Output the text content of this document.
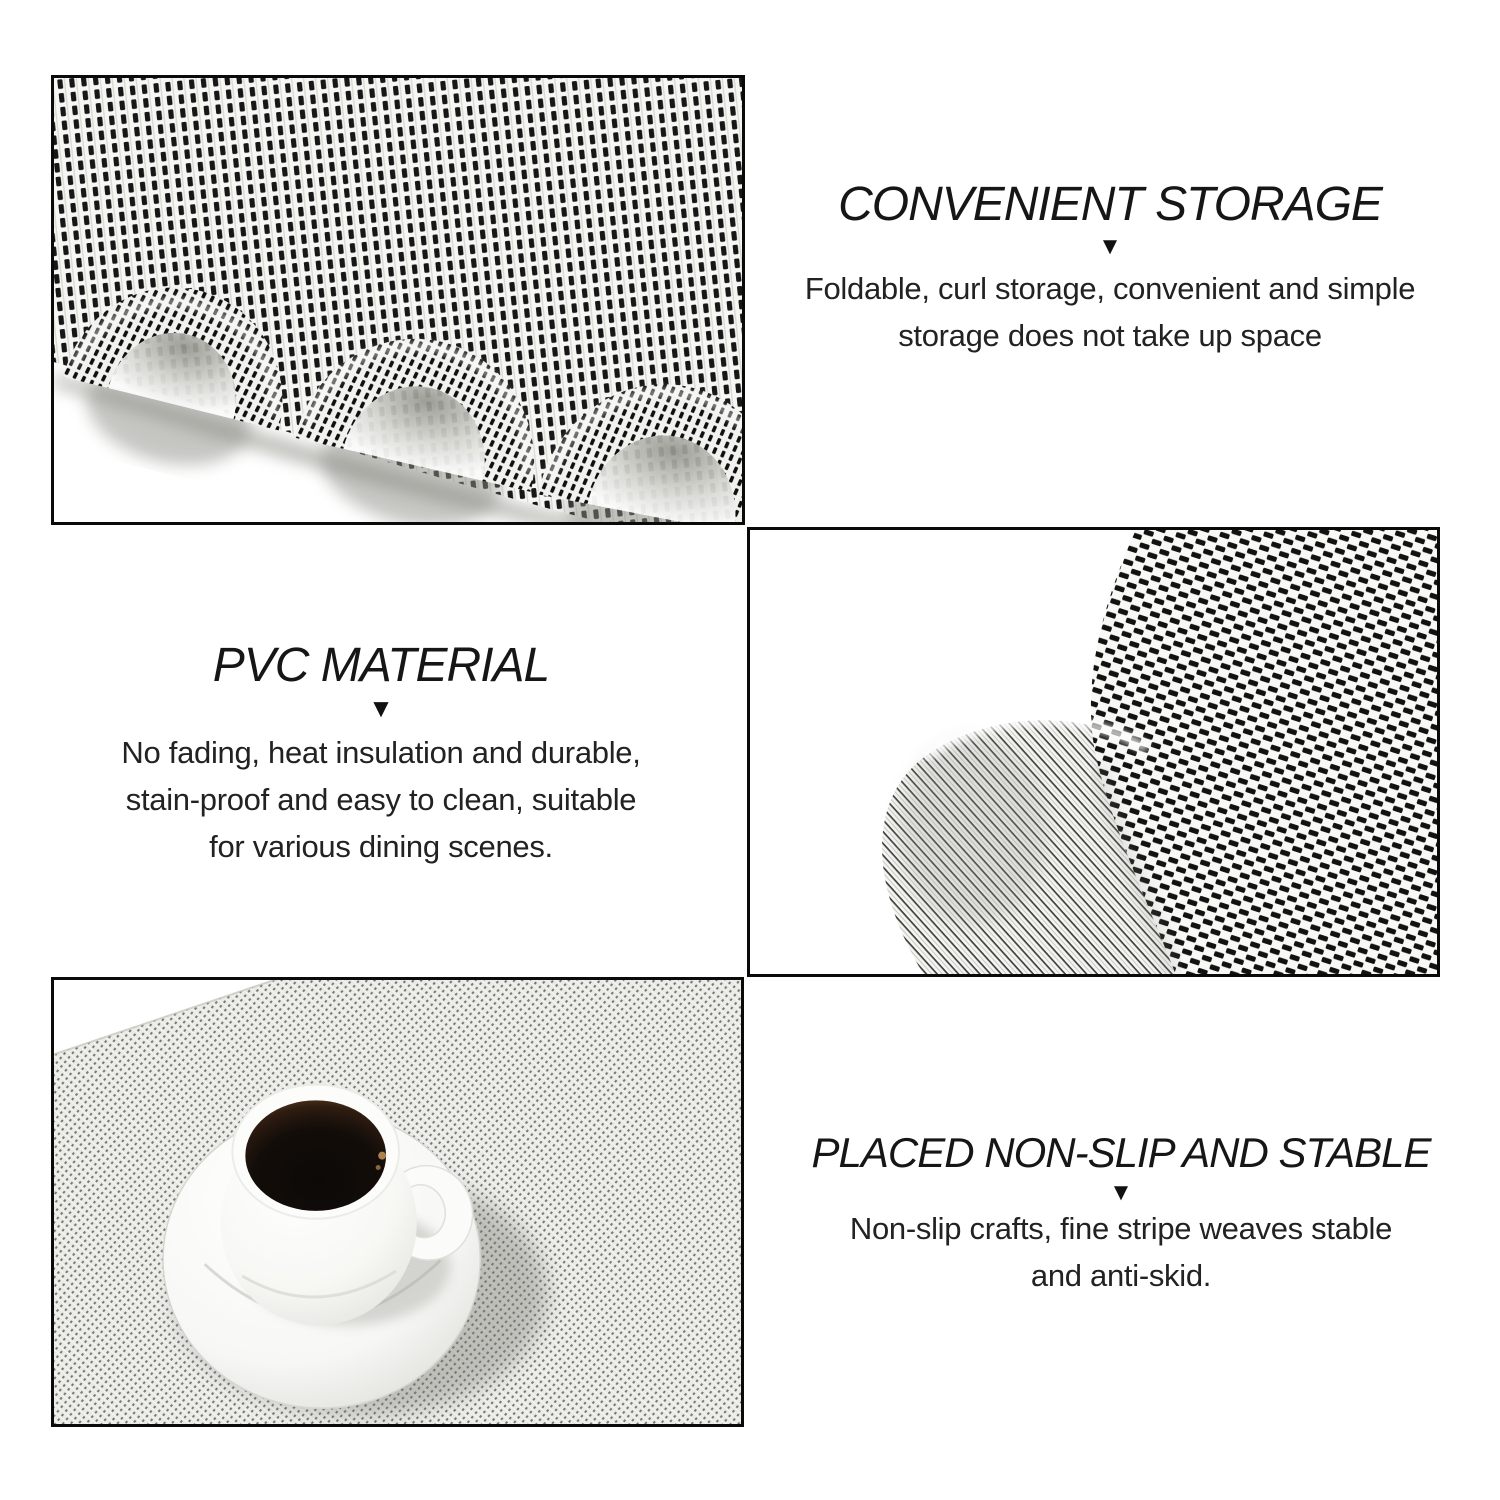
CONVENIENT STORAGE
▼

Foldable, curl storage, convenient and simple
storage does not take up space

PVC MATERIAL
▼

No fading, heat insulation and durable,
stain-proof and easy to clean, suitable
for various dining scenes.

PLACED NON-SLIP AND STABLE
▼

Non-slip crafts, fine stripe weaves stable
and anti-skid.
